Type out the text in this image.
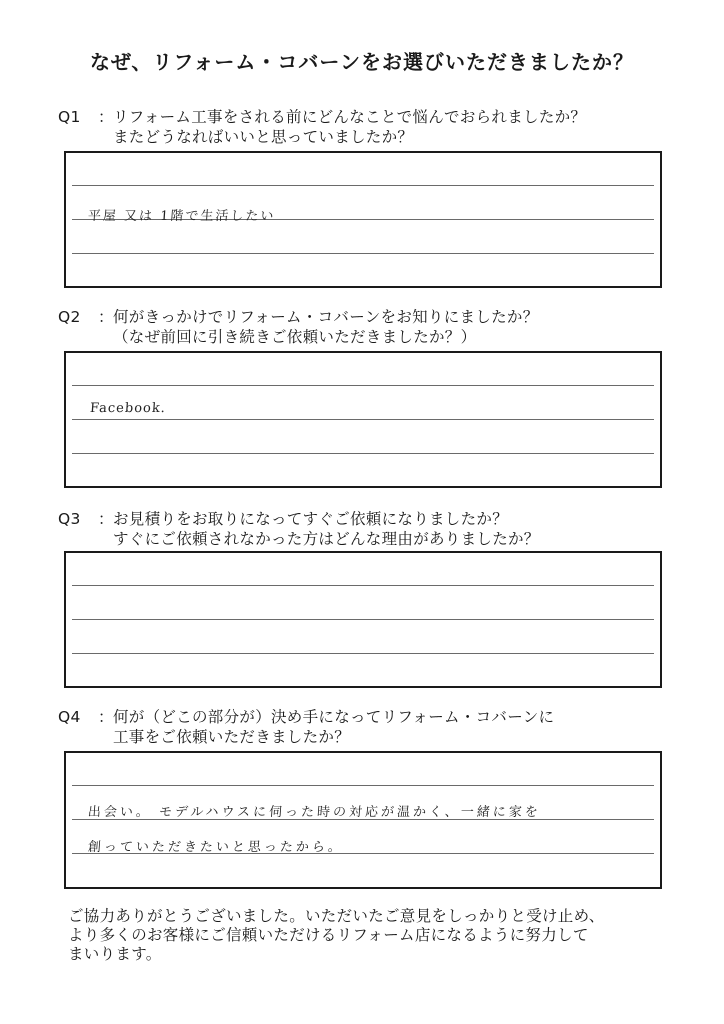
なぜ、リフォーム・コバーンをお選びいただきましたか？
Q1	： リフォーム工事をされる前にどんなことで悩んでおられましたか？
またどうなればいいと思っていましたか？
平屋 又は 1階で生活したい
Q2	： 何がきっかけでリフォーム・コバーンをお知りにましたか？
（なぜ前回に引き続きご依頼いただきましたか？）
Facebook.
Q3	： お見積りをお取りになってすぐご依頼になりましたか？
すぐにご依頼されなかった方はどんな理由がありましたか？
Q4	： 何が（どこの部分が）決め手になってリフォーム・コバーンに
工事をご依頼いただきましたか？
出会い。 モデルハウスに伺った時の対応が温かく、一緒に家を
創っていただきたいと思ったから。
ご協力ありがとうございました。いただいたご意見をしっかりと受け止め、
より多くのお客様にご信頼いただけるリフォーム店になるように努力して
まいります。
